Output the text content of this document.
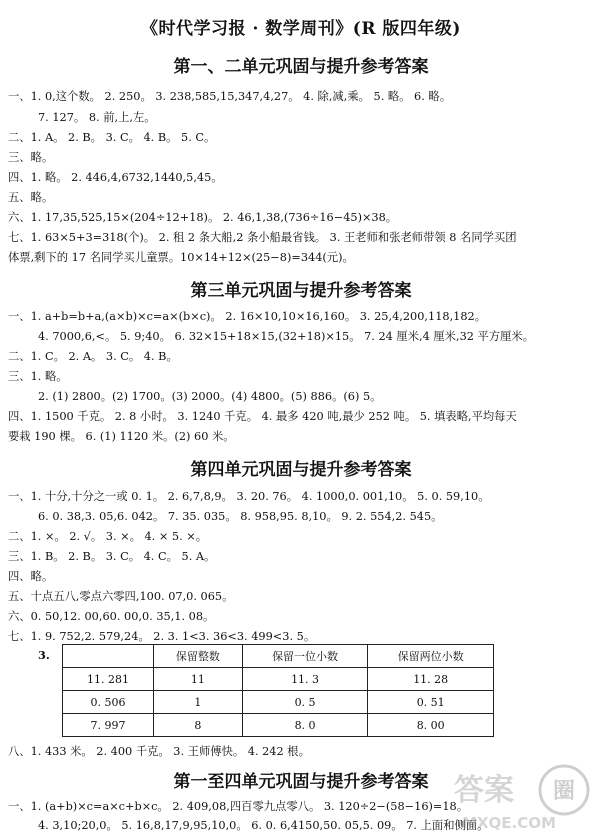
《时代学习报 · 数学周刊》(R 版四年级)
第一、二单元巩固与提升参考答案
一、1. 0,这个数。 2. 250。 3. 238,585,15,347,4,27。 4. 除,减,乘。 5. 略。 6. 略。
7. 127。 8. 前,上,左。
二、1. A。 2. B。 3. C。 4. B。 5. C。
三、略。
四、1. 略。 2. 446,4,6732,1440,5,45。
五、略。
六、1. 17,35,525,15×(204÷12+18)。 2. 46,1,38,(736÷16−45)×38。
七、1. 63×5+3=318(个)。 2. 租 2 条大船,2 条小船最省钱。 3. 王老师和张老师带领 8 名同学买团
体票,剩下的 17 名同学买儿童票。10×14+12×(25−8)=344(元)。
第三单元巩固与提升参考答案
一、1. a+b=b+a,(a×b)×c=a×(b×c)。 2. 16×10,10×16,160。 3. 25,4,200,118,182。
4. 7000,6,<。 5. 9;40。 6. 32×15+18×15,(32+18)×15。 7. 24 厘米,4 厘米,32 平方厘米。
二、1. C。 2. A。 3. C。 4. B。
三、1. 略。
2. (1) 2800。(2) 1700。(3) 2000。(4) 4800。(5) 886。(6) 5。
四、1. 1500 千克。 2. 8 小时。 3. 1240 千克。 4. 最多 420 吨,最少 252 吨。 5. 填表略,平均每天
要栽 190 棵。 6. (1) 1120 米。(2) 60 米。
第四单元巩固与提升参考答案
一、1. 十分,十分之一或 0. 1。 2. 6,7,8,9。 3. 20. 76。 4. 1000,0. 001,10。 5. 0. 59,10。
6. 0. 38,3. 05,6. 042。 7. 35. 035。 8. 958,95. 8,10。 9. 2. 554,2. 545。
二、1. ×。 2. √。 3. ×。 4. × 5. ×。
三、1. B。 2. B。 3. C。 4. C。 5. A。
四、略。
五、十点五八,零点六零四,100. 07,0. 065。
六、0. 50,12. 00,60. 00,0. 35,1. 08。
七、1. 9. 752,2. 579,24。 2. 3. 1<3. 36<3. 499<3. 5。
3.
		保留整数	保留一位小数	保留两位小数
11. 281	11	11. 3	11. 28
0. 506	1	0. 5	0. 51
7. 997	8	8. 0	8. 00
八、1. 433 米。 2. 400 千克。 3. 王师傅快。 4. 242 根。
第一至四单元巩固与提升参考答案
一、1. (a+b)×c=a×c+b×c。 2. 409,08,四百零九点零八。 3. 120÷2−(58−16)=18。
4. 3,10;20,0。 5. 16,8,17,9,95,10,0。 6. 0. 6,4150,50. 05,5. 09。 7. 上面和侧面。
圈
答案
MXQE.COM
